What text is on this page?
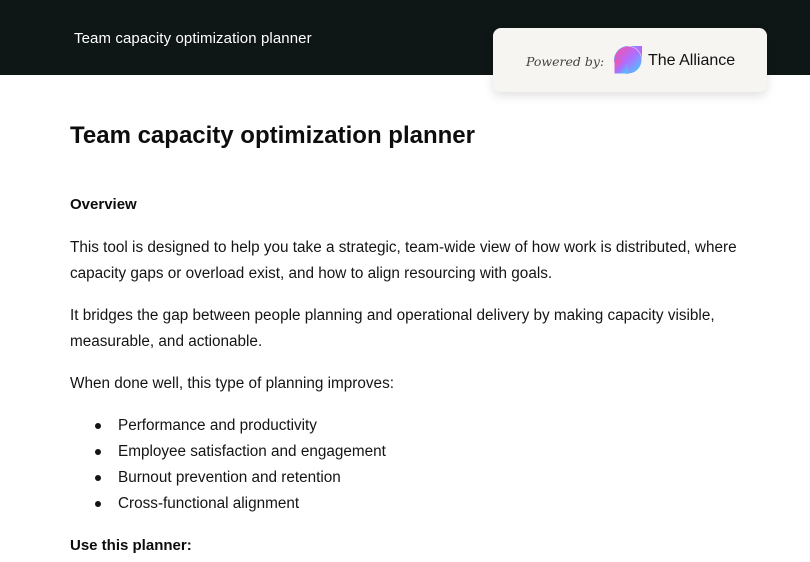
Team capacity optimization planner
Powered by:	The Alliance
Team capacity optimization planner
Overview

This tool is designed to help you take a strategic, team-wide view of how work is distributed, where capacity gaps or overload exist, and how to align resourcing with goals.

It bridges the gap between people planning and operational delivery by making capacity visible, measurable, and actionable.

When done well, this type of planning improves:

Performance and productivity
Employee satisfaction and engagement
Burnout prevention and retention
Cross-functional alignment
Use this planner:
